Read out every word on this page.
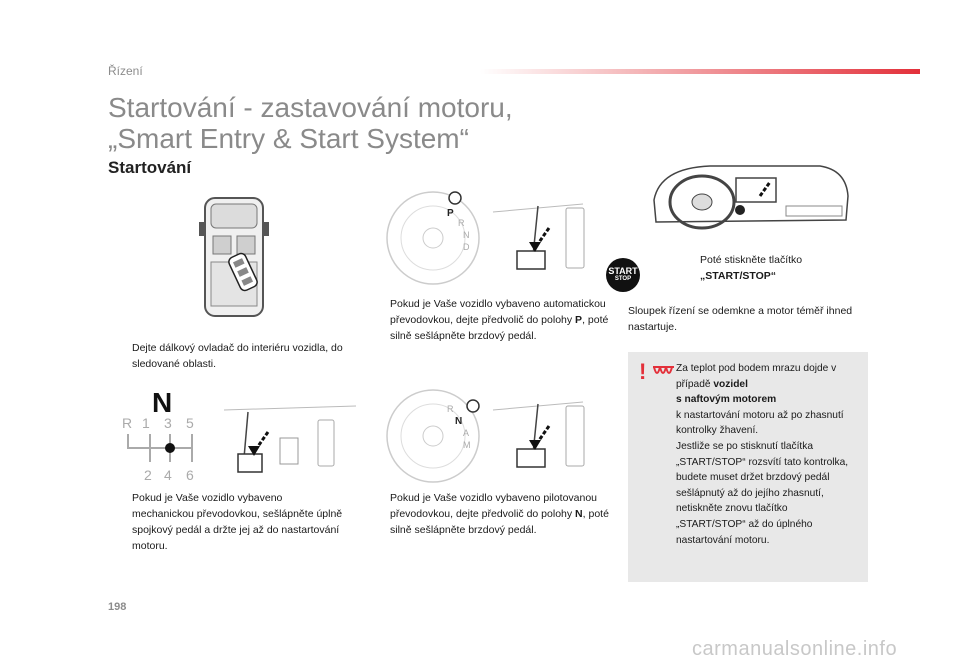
Řízení
Startování - zastavování motoru,
„Smart Entry & Start System“
Startování
P
R
N
D
START
STOP
Poté stiskněte tlačítko
„START/STOP“
Sloupek řízení se odemkne a motor téměř ihned nastartuje.
Dejte dálkový ovladač do interiéru vozidla, do sledované oblasti.
Pokud je Vaše vozidlo vybaveno automatickou převodovkou, dejte předvolič do polohy P, poté silně sešlápněte brzdový pedál.
N
R 1 3 5
2 4 6
R
N
A
M
Pokud je Vaše vozidlo vybaveno mechanickou převodovkou, sešlápněte úplně spojkový pedál a držte jej až do nastartování motoru.
Pokud je Vaše vozidlo vybaveno pilotovanou převodovkou, dejte předvolič do polohy N, poté silně sešlápněte brzdový pedál.
!	Za teplot pod bodem mrazu dojde v případě vozidel
s naftovým motorem
k nastartování motoru až po zhasnutí kontrolky žhavení.
Jestliže se po stisknutí tlačítka „START/STOP“ rozsvítí tato kontrolka, budete muset držet brzdový pedál sešlápnutý až do jejího zhasnutí, netiskněte znovu tlačítko „START/STOP“ až do úplného nastartování motoru.
198
carmanualsonline.info
